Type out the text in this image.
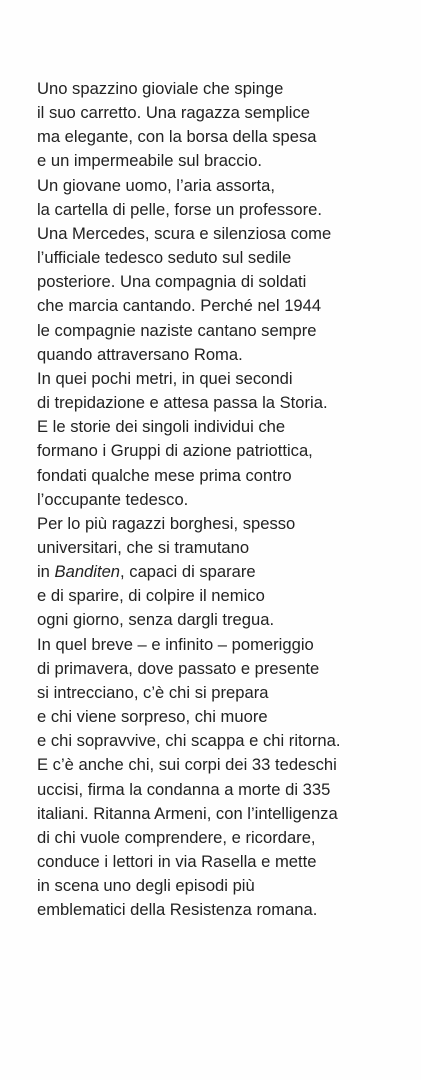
Uno spazzino gioviale che spinge
il suo carretto. Una ragazza semplice
ma elegante, con la borsa della spesa
e un impermeabile sul braccio.
Un giovane uomo, l’aria assorta,
la cartella di pelle, forse un professore.
Una Mercedes, scura e silenziosa come
l’ufficiale tedesco seduto sul sedile
posteriore. Una compagnia di soldati
che marcia cantando. Perché nel 1944
le compagnie naziste cantano sempre
quando attraversano Roma.
In quei pochi metri, in quei secondi
di trepidazione e attesa passa la Storia.
E le storie dei singoli individui che
formano i Gruppi di azione patriottica,
fondati qualche mese prima contro
l’occupante tedesco.
Per lo più ragazzi borghesi, spesso
universitari, che si tramutano
in Banditen, capaci di sparare
e di sparire, di colpire il nemico
ogni giorno, senza dargli tregua.
In quel breve – e infinito – pomeriggio
di primavera, dove passato e presente
si intrecciano, c’è chi si prepara
e chi viene sorpreso, chi muore
e chi sopravvive, chi scappa e chi ritorna.
E c’è anche chi, sui corpi dei 33 tedeschi
uccisi, firma la condanna a morte di 335
italiani. Ritanna Armeni, con l’intelligenza
di chi vuole comprendere, e ricordare,
conduce i lettori in via Rasella e mette
in scena uno degli episodi più
emblematici della Resistenza romana.
